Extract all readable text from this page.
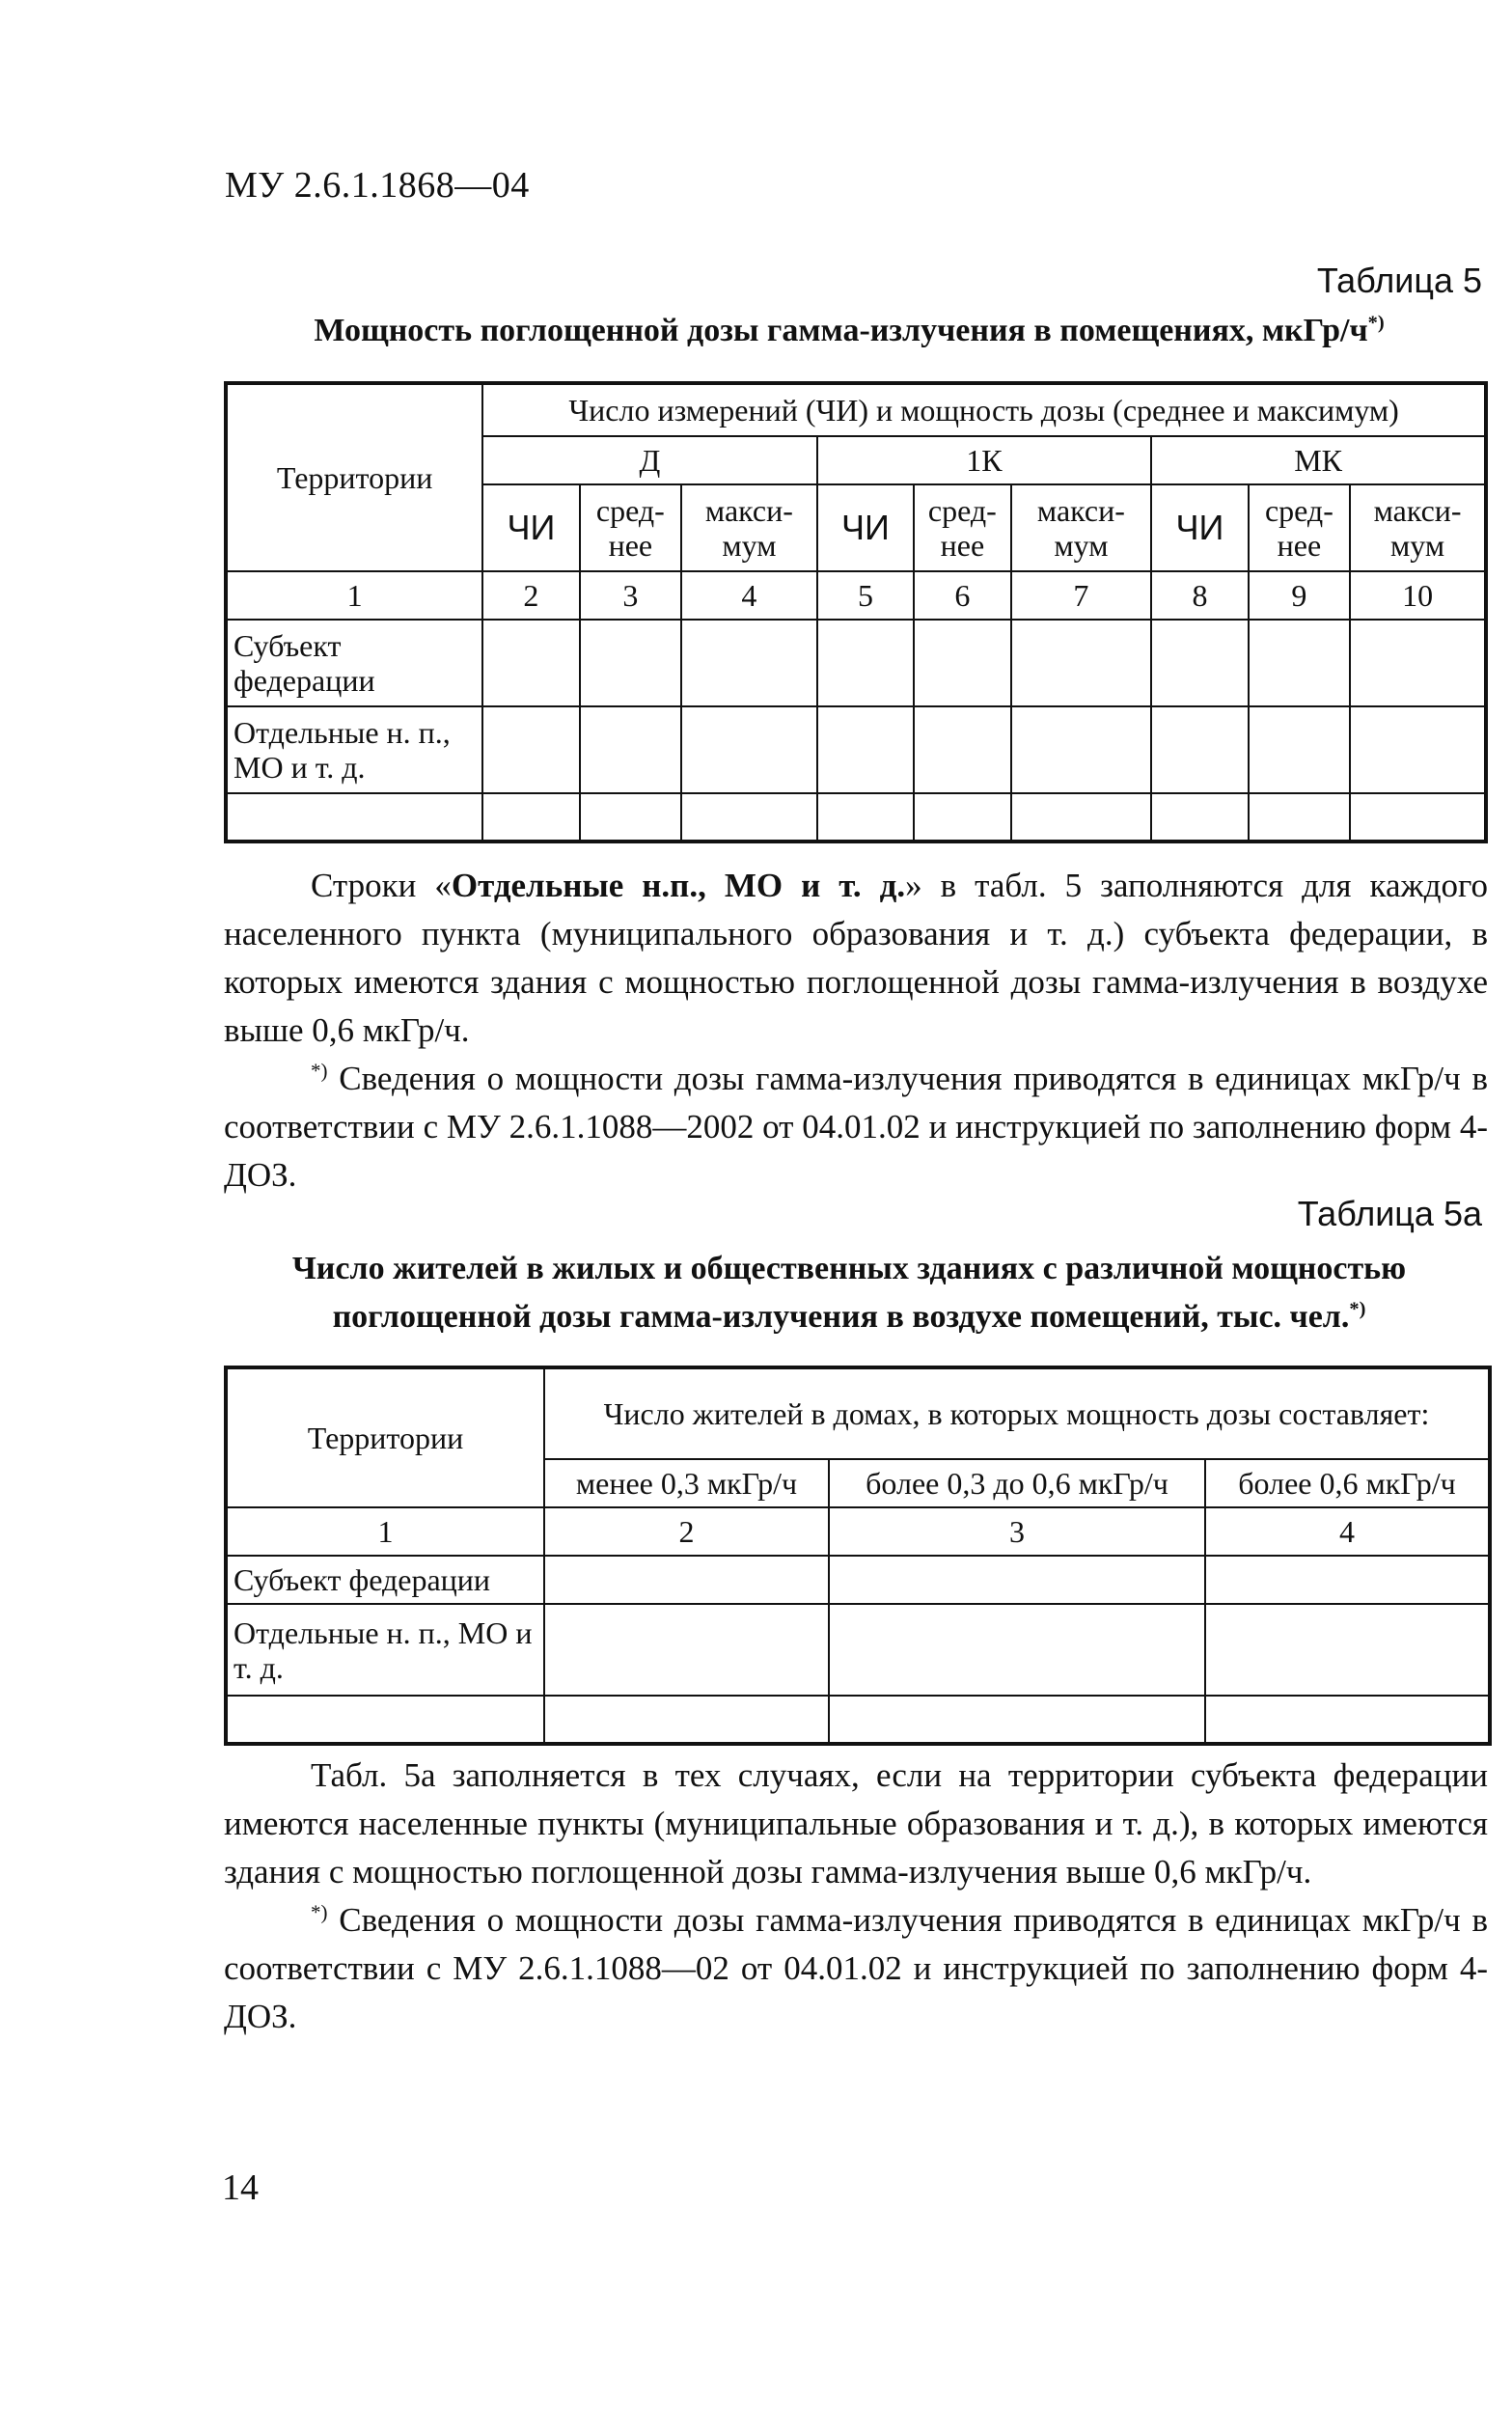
МУ 2.6.1.1868—04
Таблица 5
Мощность поглощенной дозы гамма-излучения в помещениях, мкГр/ч*)
Территории	Число измерений (ЧИ) и мощность дозы (среднее и максимум)								
	Д			1К			МК		
	ЧИ	сред-нее	макси-мум	ЧИ	сред-нее	макси-мум	ЧИ	сред-нее	макси-мум
1	2	3	4	5	6	7	8	9	10
Субъект федерации									
Отдельные н. п., МО и т. д.									

Строки «Отдельные н.п., МО и т. д.» в табл. 5 заполняются для каждого населенного пункта (муниципального образования и т. д.) субъекта федерации, в которых имеются здания с мощностью поглощенной дозы гамма-излучения в воздухе выше 0,6 мкГр/ч.

*) Сведения о мощности дозы гамма-излучения приводятся в единицах мкГр/ч в соответствии с МУ 2.6.1.1088—2002 от 04.01.02 и инструкцией по заполнению форм 4-ДОЗ.

Таблица 5а
Число жителей в жилых и общественных зданиях с различной мощностью
поглощенной дозы гамма-излучения в воздухе помещений, тыс. чел.*)
Территории	Число жителей в домах, в которых мощность дозы составляет:		
	менее 0,3 мкГр/ч	более 0,3 до 0,6 мкГр/ч	более 0,6 мкГр/ч
1	2	3	4
Субъект федерации			
Отдельные н. п., МО и т. д.			

Табл. 5а заполняется в тех случаях, если на территории субъекта федерации имеются населенные пункты (муниципальные образования и т. д.), в которых имеются здания с мощностью поглощенной дозы гамма-излучения выше 0,6 мкГр/ч.

*) Сведения о мощности дозы гамма-излучения приводятся в единицах мкГр/ч в соответствии с МУ 2.6.1.1088—02 от 04.01.02 и инструкцией по заполнению форм 4-ДОЗ.

14
